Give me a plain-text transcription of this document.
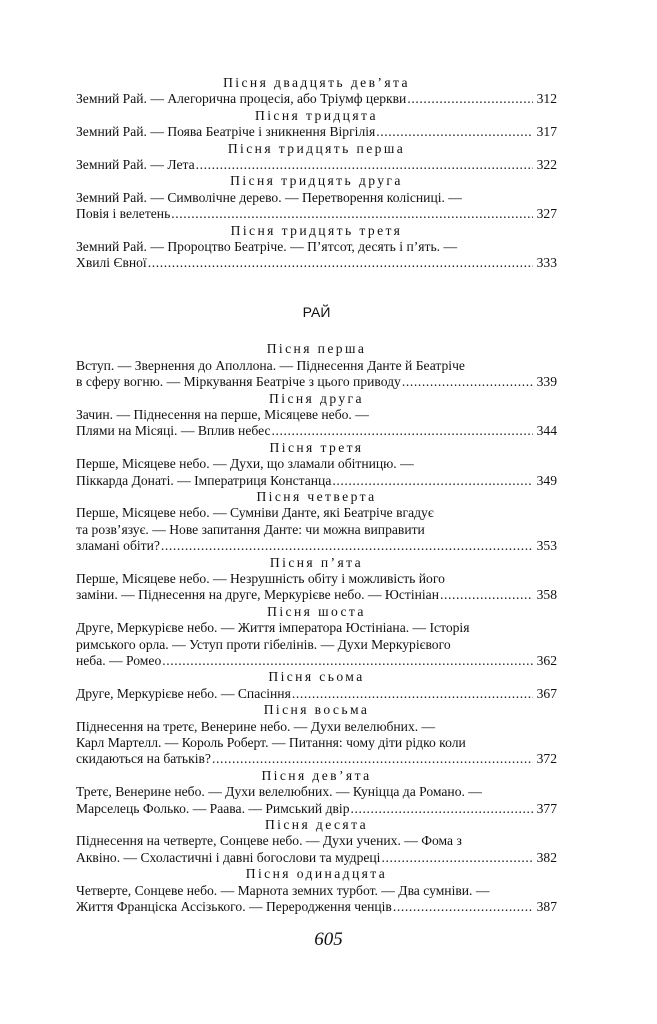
Пісня двадцять дев’ята
Земний Рай. — Алегорична процесія, або Тріумф церкви .....	312
Пісня тридцята
Земний Рай. — Поява Беатріче і зникнення Віргілія .....	317
Пісня тридцять перша
Земний Рай. — Лета .....	322
Пісня тридцять друга
Земний Рай. — Символічне дерево. — Перетворення колісниці. —
Повія і велетень .....	327
Пісня тридцять третя
Земний Рай. — Пророцтво Беатріче. — П’ятсот, десять і п’ять. —
Хвилі Євної .....	333
РАЙ
Пісня перша
Вступ. — Звернення до Аполлона. — Піднесення Данте й Беатріче
в сферу вогню. — Міркування Беатріче з цього приводу .....	339
Пісня друга
Зачин. — Піднесення на перше, Місяцеве небо. —
Плями на Місяці. — Вплив небес .....	344
Пісня третя
Перше, Місяцеве небо. — Духи, що зламали обітницю. —
Піккарда Донаті. — Імператриця Констанца .....	349
Пісня четверта
Перше, Місяцеве небо. — Сумніви Данте, які Беатріче вгадує
та розв’язує. — Нове запитання Данте: чи можна виправити
зламані обіти? .....	353
Пісня п’ята
Перше, Місяцеве небо. — Незрушність обіту і можливість його
заміни. — Піднесення на друге, Меркурієве небо. — Юстініан .....	358
Пісня шоста
Друге, Меркурієве небо. — Життя імператора Юстініана. — Історія
римського орла. — Уступ проти гібелінів. — Духи Меркурієвого
неба. — Ромео .....	362
Пісня сьома
Друге, Меркурієве небо. — Спасіння .....	367
Пісня восьма
Піднесення на третє, Венерине небо. — Духи велелюбних. —
Карл Мартелл. — Король Роберт. — Питання: чому діти рідко коли
скидаються на батьків? .....	372
Пісня дев’ята
Третє, Венерине небо. — Духи велелюбних. — Куніцца да Романо. —
Марселець Фолько. — Раава. — Римський двір .....	377
Пісня десята
Піднесення на четверте, Сонцеве небо. — Духи учених. — Фома з
Аквіно. — Схоластичні і давні богослови та мудреці .....	382
Пісня одинадцята
Четверте, Сонцеве небо. — Марнота земних турбот. — Два сумніви. —
Життя Франціска Ассізького. — Переродження ченців .....	387
605
